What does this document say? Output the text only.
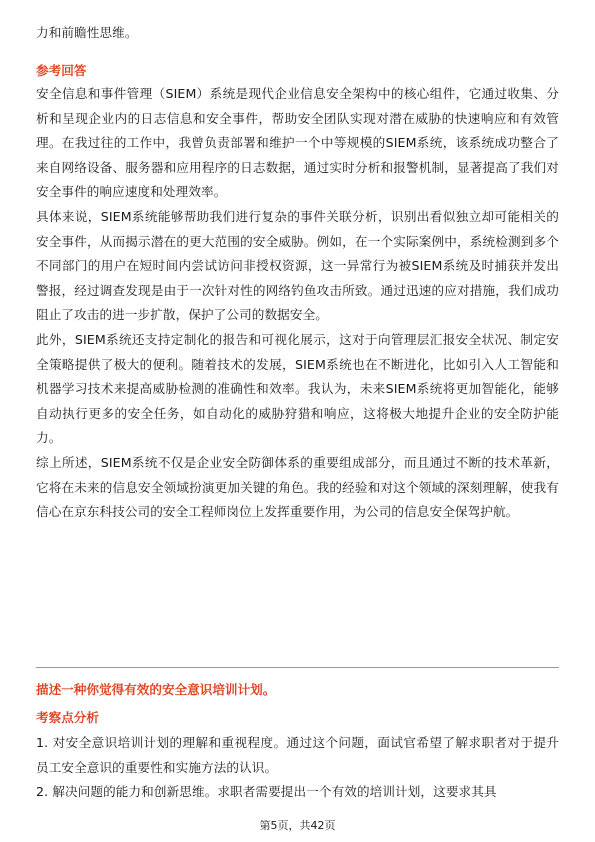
力和前瞻性思维。

参考回答

安全信息和事件管理（SIEM）系统是现代企业信息安全架构中的核心组件，它通过收集、分析和呈现企业内的日志信息和安全事件，帮助安全团队实现对潜在威胁的快速响应和有效管理。在我过往的工作中，我曾负责部署和维护一个中等规模的SIEM系统，该系统成功整合了来自网络设备、服务器和应用程序的日志数据，通过实时分析和报警机制，显著提高了我们对安全事件的响应速度和处理效率。

具体来说，SIEM系统能够帮助我们进行复杂的事件关联分析，识别出看似独立却可能相关的安全事件，从而揭示潜在的更大范围的安全威胁。例如，在一个实际案例中，系统检测到多个不同部门的用户在短时间内尝试访问非授权资源，这一异常行为被SIEM系统及时捕获并发出警报，经过调查发现是由于一次针对性的网络钓鱼攻击所致。通过迅速的应对措施，我们成功阻止了攻击的进一步扩散，保护了公司的数据安全。

此外，SIEM系统还支持定制化的报告和可视化展示，这对于向管理层汇报安全状况、制定安全策略提供了极大的便利。随着技术的发展，SIEM系统也在不断进化，比如引入人工智能和机器学习技术来提高威胁检测的准确性和效率。我认为，未来SIEM系统将更加智能化，能够自动执行更多的安全任务，如自动化的威胁狩猎和响应，这将极大地提升企业的安全防护能力。

综上所述，SIEM系统不仅是企业安全防御体系的重要组成部分，而且通过不断的技术革新，它将在未来的信息安全领域扮演更加关键的角色。我的经验和对这个领域的深刻理解，使我有信心在京东科技公司的安全工程师岗位上发挥重要作用，为公司的信息安全保驾护航。

描述一种你觉得有效的安全意识培训计划。

考察点分析

1. 对安全意识培训计划的理解和重视程度。通过这个问题，面试官希望了解求职者对于提升员工安全意识的重要性和实施方法的认识。

2. 解决问题的能力和创新思维。求职者需要提出一个有效的培训计划，这要求其具

第5页，共42页
